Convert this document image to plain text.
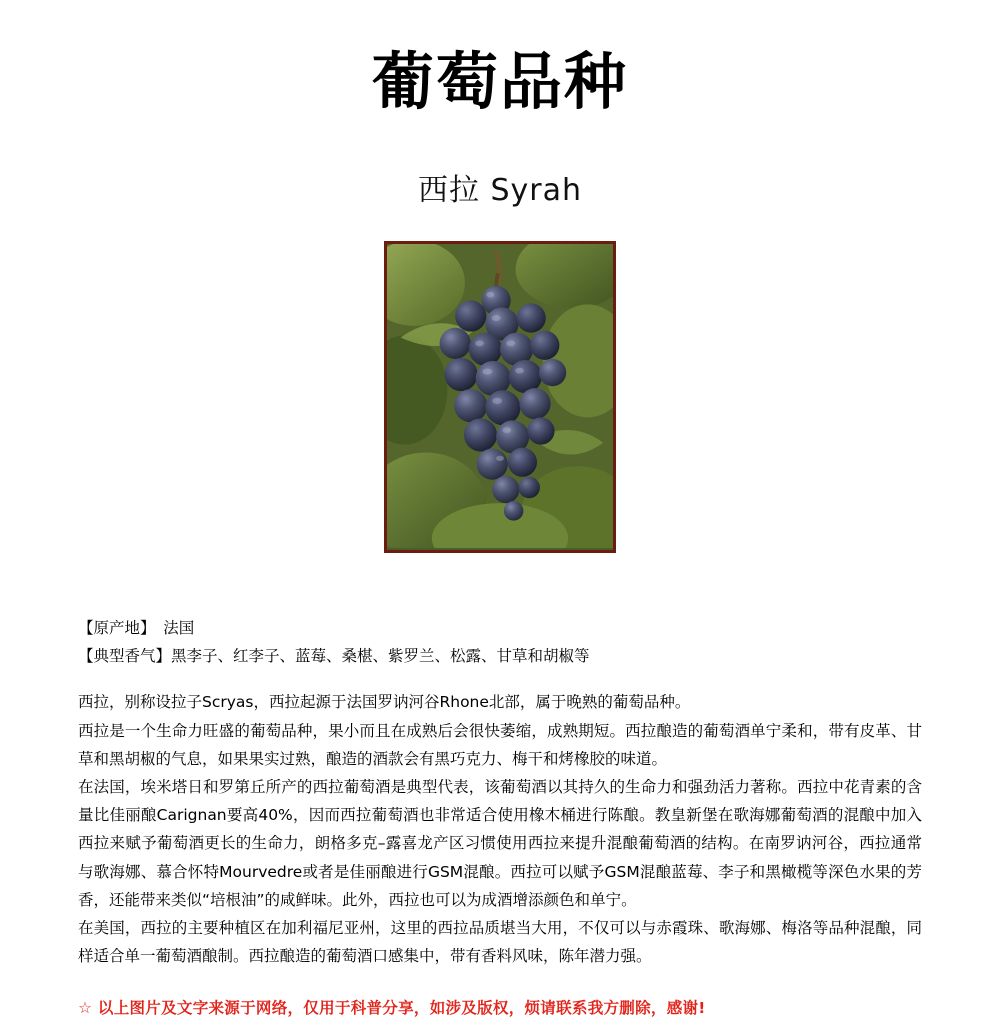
葡萄品种
西拉 Syrah
【原产地】　法国
【典型香气】黑李子、红李子、蓝莓、桑椹、紫罗兰、松露、甘草和胡椒等

西拉，别称设拉子Scryas，西拉起源于法国罗讷河谷Rhone北部，属于晚熟的葡萄品种。

西拉是一个生命力旺盛的葡萄品种，果小而且在成熟后会很快萎缩，成熟期短。西拉酿造的葡萄酒单宁柔和，带有皮革、甘草和黑胡椒的气息，如果果实过熟，酿造的酒款会有黑巧克力、梅干和烤橡胶的味道。

在法国，埃米塔日和罗第丘所产的西拉葡萄酒是典型代表，该葡萄酒以其持久的生命力和强劲活力著称。西拉中花青素的含量比佳丽酿Carignan要高40%，因而西拉葡萄酒也非常适合使用橡木桶进行陈酿。教皇新堡在歌海娜葡萄酒的混酿中加入西拉来赋予葡萄酒更长的生命力，朗格多克–露喜龙产区习惯使用西拉来提升混酿葡萄酒的结构。在南罗讷河谷，西拉通常与歌海娜、慕合怀特Mourvedre或者是佳丽酿进行GSM混酿。西拉可以赋予GSM混酿蓝莓、李子和黑橄榄等深色水果的芳香，还能带来类似“培根油”的咸鲜味。此外，西拉也可以为成酒增添颜色和单宁。

在美国，西拉的主要种植区在加利福尼亚州，这里的西拉品质堪当大用，不仅可以与赤霞珠、歌海娜、梅洛等品种混酿，同样适合单一葡萄酒酿制。西拉酿造的葡萄酒口感集中，带有香料风味，陈年潜力强。

☆ 以上图片及文字来源于网络，仅用于科普分享，如涉及版权，烦请联系我方删除，感谢!
